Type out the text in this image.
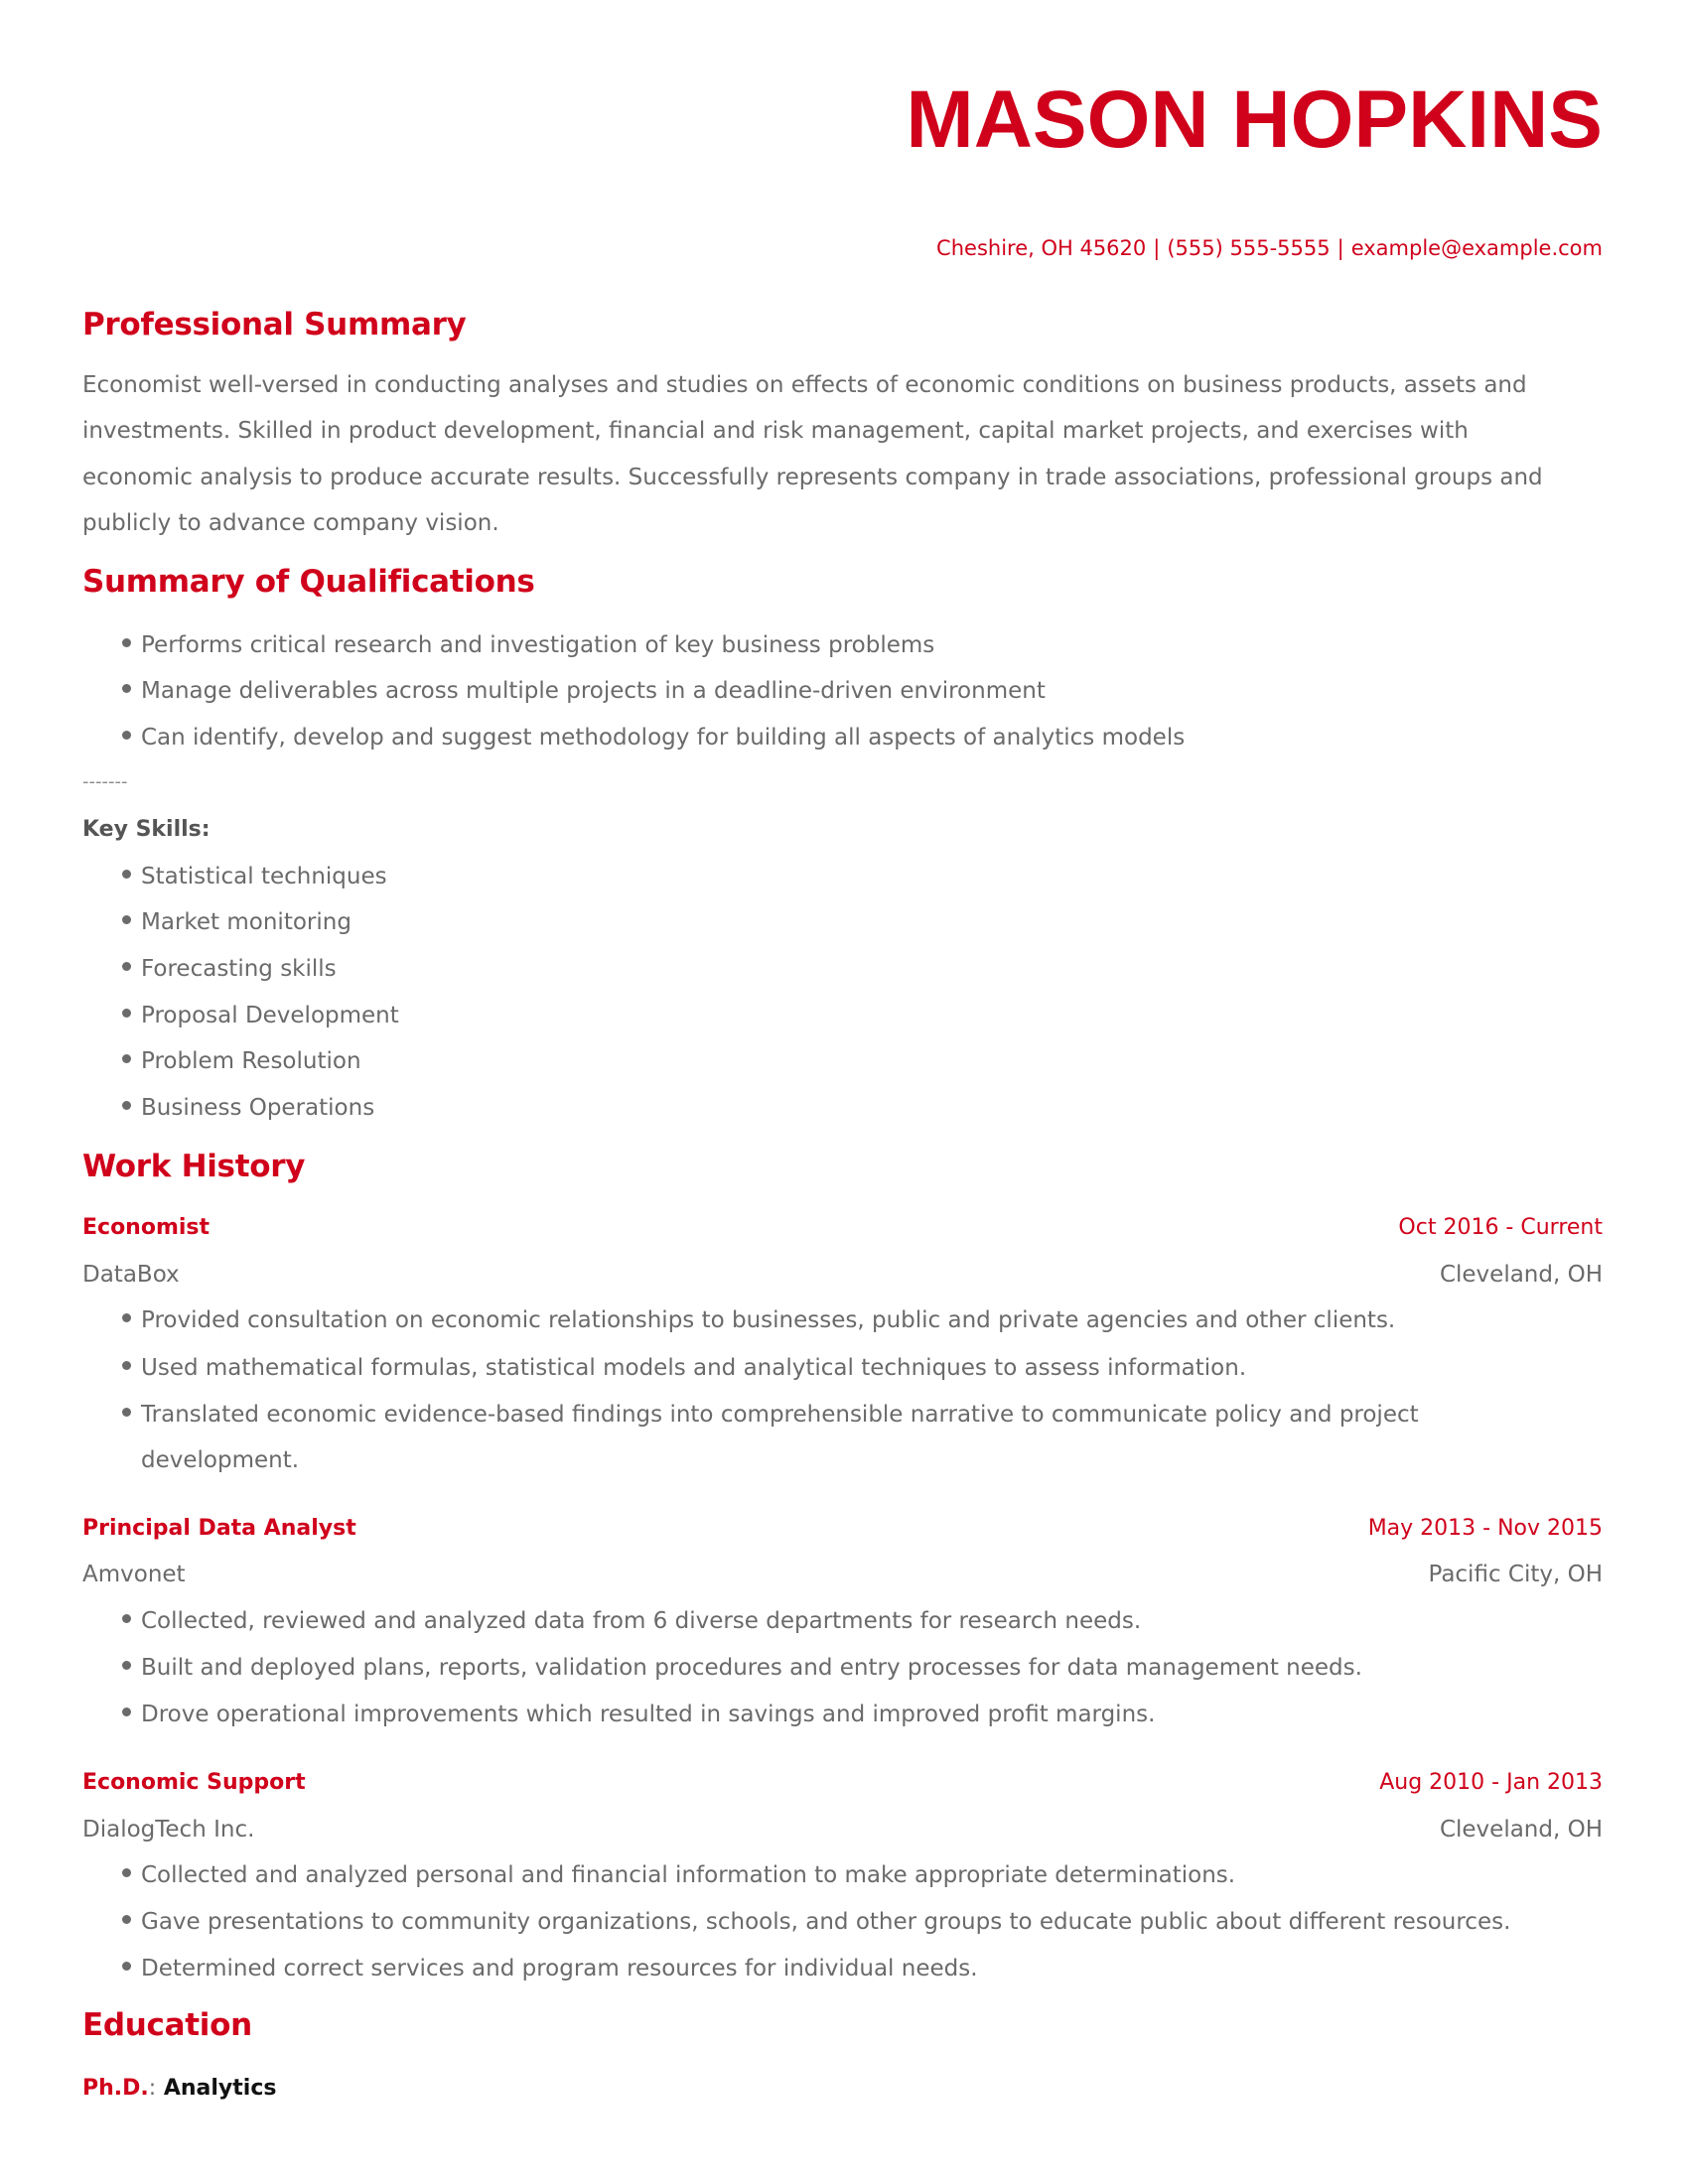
MASON HOPKINS
Cheshire, OH 45620 | (555) 555-5555 | example@example.com
Professional Summary
Economist well-versed in conducting analyses and studies on effects of economic conditions on business products, assets and
investments. Skilled in product development, financial and risk management, capital market projects, and exercises with
economic analysis to produce accurate results. Successfully represents company in trade associations, professional groups and
publicly to advance company vision.
Summary of Qualifications
Performs critical research and investigation of key business problems
Manage deliverables across multiple projects in a deadline-driven environment
Can identify, develop and suggest methodology for building all aspects of analytics models
-------
Key Skills:
Statistical techniques
Market monitoring
Forecasting skills
Proposal Development
Problem Resolution
Business Operations
Work History
Economist	Oct 2016 - Current
DataBox	Cleveland, OH
Provided consultation on economic relationships to businesses, public and private agencies and other clients.
Used mathematical formulas, statistical models and analytical techniques to assess information.
Translated economic evidence-based findings into comprehensible narrative to communicate policy and project
development.
Principal Data Analyst	May 2013 - Nov 2015
Amvonet	Pacific City, OH
Collected, reviewed and analyzed data from 6 diverse departments for research needs.
Built and deployed plans, reports, validation procedures and entry processes for data management needs.
Drove operational improvements which resulted in savings and improved profit margins.
Economic Support	Aug 2010 - Jan 2013
DialogTech Inc.	Cleveland, OH
Collected and analyzed personal and financial information to make appropriate determinations.
Gave presentations to community organizations, schools, and other groups to educate public about different resources.
Determined correct services and program resources for individual needs.
Education
Ph.D.: Analytics
